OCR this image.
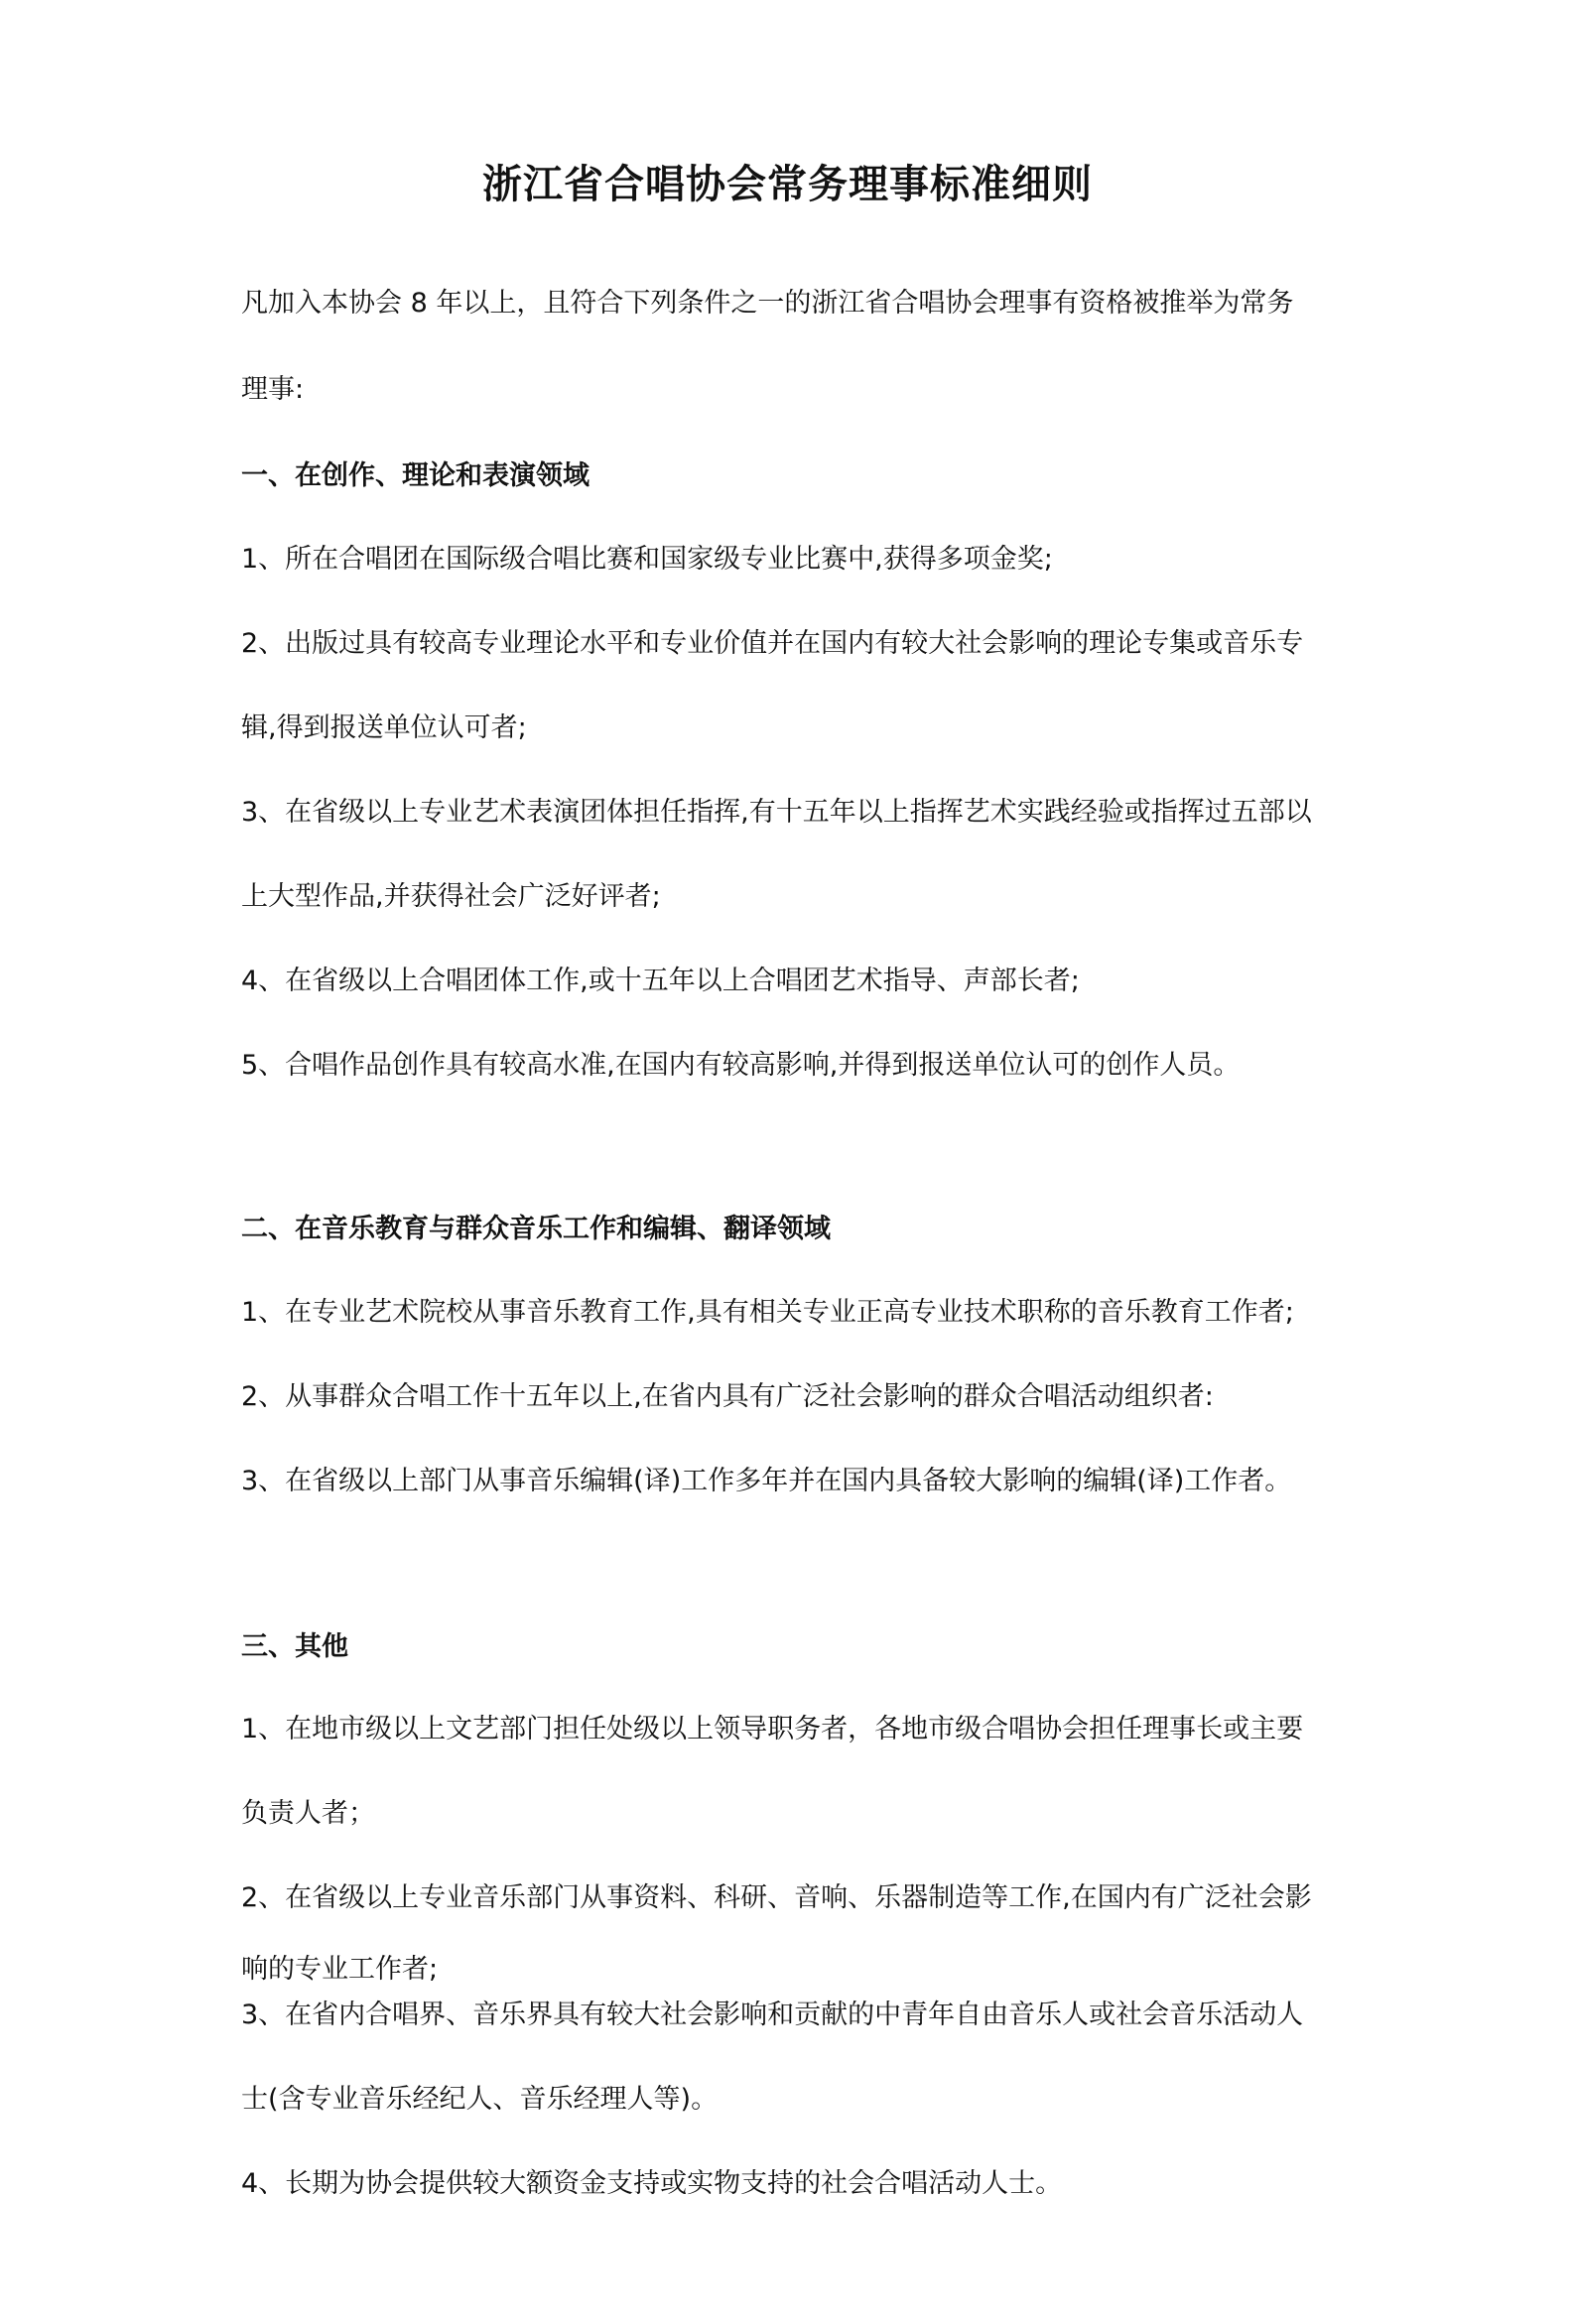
浙江省合唱协会常务理事标准细则
凡加入本协会 8 年以上，且符合下列条件之一的浙江省合唱协会理事有资格被推举为常务
理事:
一、在创作、理论和表演领域
1、所在合唱团在国际级合唱比赛和国家级专业比赛中,获得多项金奖;
2、出版过具有较高专业理论水平和专业价值并在国内有较大社会影响的理论专集或音乐专
辑,得到报送单位认可者;
3、在省级以上专业艺术表演团体担任指挥,有十五年以上指挥艺术实践经验或指挥过五部以
上大型作品,并获得社会广泛好评者;
4、在省级以上合唱团体工作,或十五年以上合唱团艺术指导、声部长者;
5、合唱作品创作具有较高水准,在国内有较高影响,并得到报送单位认可的创作人员。
二、在音乐教育与群众音乐工作和编辑、翻译领域
1、在专业艺术院校从事音乐教育工作,具有相关专业正高专业技术职称的音乐教育工作者;
2、从事群众合唱工作十五年以上,在省内具有广泛社会影响的群众合唱活动组织者:
3、在省级以上部门从事音乐编辑(译)工作多年并在国内具备较大影响的编辑(译)工作者。
三、其他
1、在地市级以上文艺部门担任处级以上领导职务者，各地市级合唱协会担任理事长或主要
负责人者；
2、在省级以上专业音乐部门从事资料、科研、音响、乐器制造等工作,在国内有广泛社会影
响的专业工作者;
3、在省内合唱界、音乐界具有较大社会影响和贡献的中青年自由音乐人或社会音乐活动人
士(含专业音乐经纪人、音乐经理人等)。
4、长期为协会提供较大额资金支持或实物支持的社会合唱活动人士。
